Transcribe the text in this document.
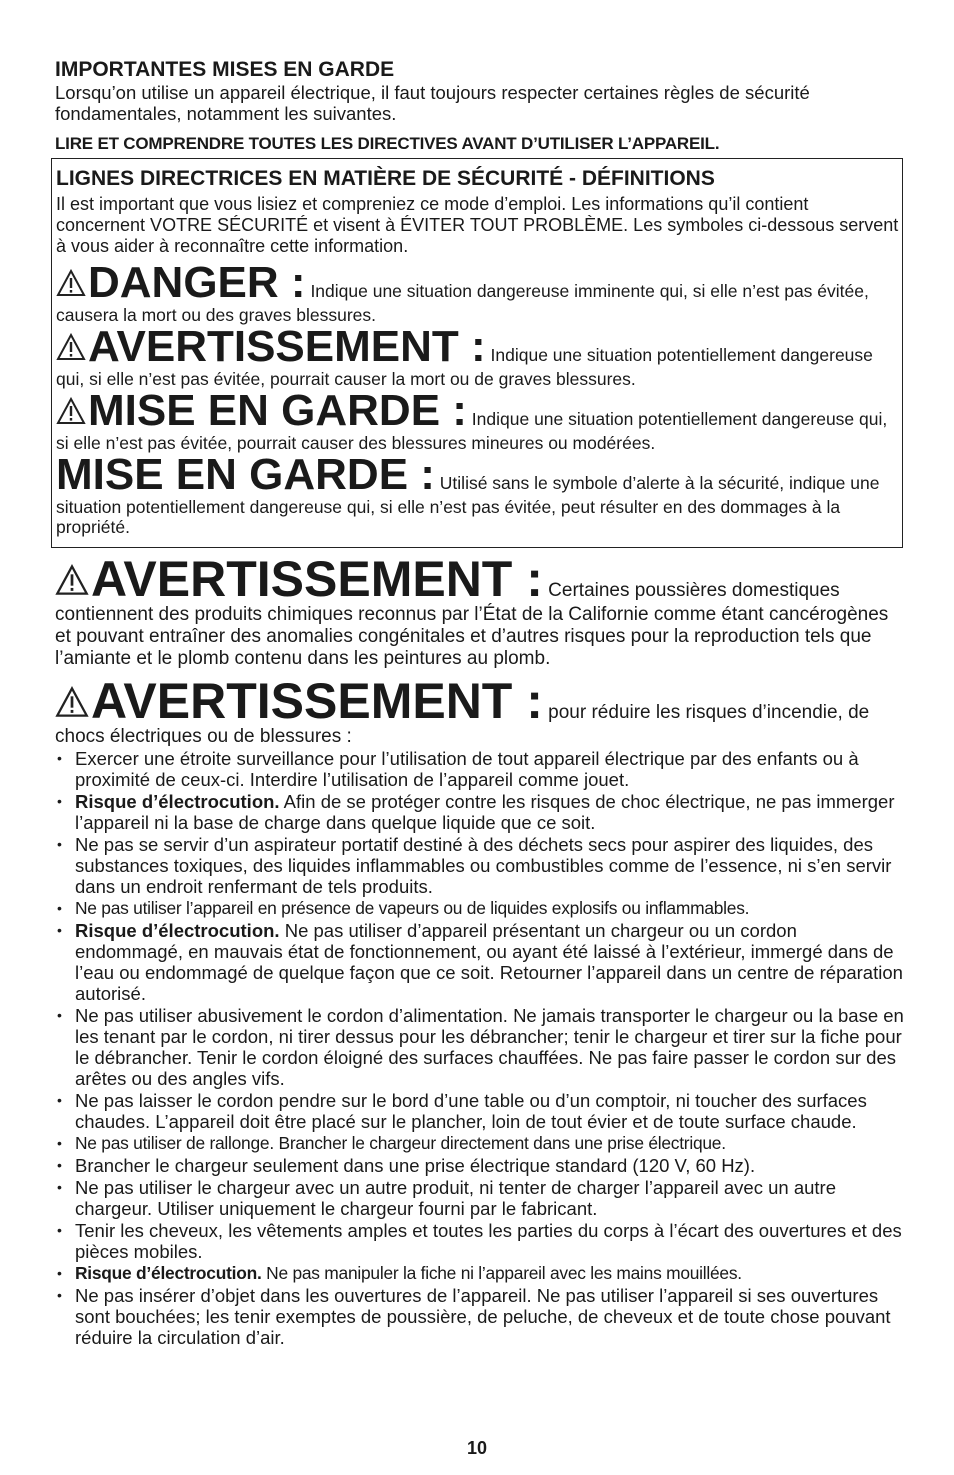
IMPORTANTES MISES EN GARDE

Lorsqu’on utilise un appareil électrique, il faut toujours respecter certaines règles de sécurité fondamentales, notamment les suivantes.

LIRE ET COMPRENDRE TOUTES LES DIRECTIVES AVANT D’UTILISER L’APPAREIL.

LIGNES DIRECTRICES EN MATIÈRE DE SÉCURITÉ - DÉFINITIONS

Il est important que vous lisiez et compreniez ce mode d’emploi. Les informations qu’il contient concernent VOTRE SÉCURITÉ et visent à ÉVITER TOUT PROBLÈME. Les symboles ci-dessous servent à vous aider à reconnaître cette information.

DANGER : Indique une situation dangereuse imminente qui, si elle n’est pas évitée, causera la mort ou des graves blessures.

AVERTISSEMENT : Indique une situation potentiellement dangereuse qui, si elle n’est pas évitée, pourrait causer la mort ou de graves blessures.

MISE EN GARDE : Indique une situation potentiellement dangereuse qui, si elle n’est pas évitée, pourrait causer des blessures mineures ou modérées.

MISE EN GARDE : Utilisé sans le symbole d’alerte à la sécurité, indique une situation potentiellement dangereuse qui, si elle n’est pas évitée, peut résulter en des dommages à la propriété.

AVERTISSEMENT : Certaines poussières domestiques contiennent des produits chimiques reconnus par l’État de la Californie comme étant cancérogènes et pouvant entraîner des anomalies congénitales et d’autres risques pour la reproduction tels que l’amiante et le plomb contenu dans les peintures au plomb.

AVERTISSEMENT : pour réduire les risques d’incendie, de chocs électriques ou de blessures :

• Exercer une étroite surveillance pour l’utilisation de tout appareil électrique par des enfants ou à proximité de ceux-ci. Interdire l’utilisation de l’appareil comme jouet.
• Risque d’électrocution. Afin de se protéger contre les risques de choc électrique, ne pas immerger l’appareil ni la base de charge dans quelque liquide que ce soit.
• Ne pas se servir d’un aspirateur portatif destiné à des déchets secs pour aspirer des liquides, des substances toxiques, des liquides inflammables ou combustibles comme de l’essence, ni s’en servir dans un endroit renfermant de tels produits.
• Ne pas utiliser l’appareil en présence de vapeurs ou de liquides explosifs ou inflammables.
• Risque d’électrocution. Ne pas utiliser d’appareil présentant un chargeur ou un cordon endommagé, en mauvais état de fonctionnement, ou ayant été laissé à l’extérieur, immergé dans de l’eau ou endommagé de quelque façon que ce soit. Retourner l’appareil dans un centre de réparation autorisé.
• Ne pas utiliser abusivement le cordon d’alimentation. Ne jamais transporter le chargeur ou la base en les tenant par le cordon, ni tirer dessus pour les débrancher; tenir le chargeur et tirer sur la fiche pour le débrancher. Tenir le cordon éloigné des surfaces chauffées. Ne pas faire passer le cordon sur des arêtes ou des angles vifs.
• Ne pas laisser le cordon pendre sur le bord d’une table ou d’un comptoir, ni toucher des surfaces chaudes. L’appareil doit être placé sur le plancher, loin de tout évier et de toute surface chaude.
• Ne pas utiliser de rallonge. Brancher le chargeur directement dans une prise électrique.
• Brancher le chargeur seulement dans une prise électrique standard (120 V, 60 Hz).
• Ne pas utiliser le chargeur avec un autre produit, ni tenter de charger l’appareil avec un autre chargeur. Utiliser uniquement le chargeur fourni par le fabricant.
• Tenir les cheveux, les vêtements amples et toutes les parties du corps à l’écart des ouvertures et des pièces mobiles.
• Risque d’électrocution. Ne pas manipuler la fiche ni l’appareil avec les mains mouillées.
• Ne pas insérer d’objet dans les ouvertures de l’appareil. Ne pas utiliser l’appareil si ses ouvertures sont bouchées; les tenir exemptes de poussière, de peluche, de cheveux et de toute chose pouvant réduire la circulation d’air.
10
